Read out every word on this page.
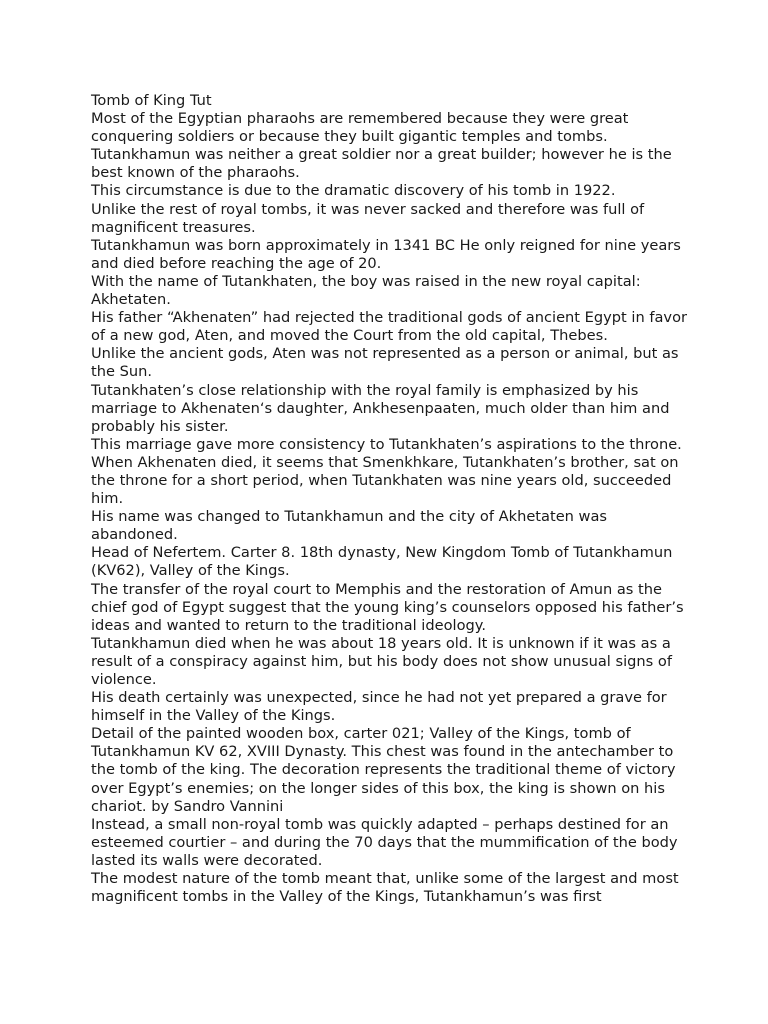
Tomb of King Tut

Most of the Egyptian pharaohs are remembered because they were great conquering soldiers or because they built gigantic temples and tombs.

Tutankhamun was neither a great soldier nor a great builder; however he is the best known of the pharaohs.

This circumstance is due to the dramatic discovery of his tomb in 1922.

Unlike the rest of royal tombs, it was never sacked and therefore was full of magnificent treasures.

Tutankhamun was born approximately in 1341 BC He only reigned for nine years and died before reaching the age of 20.

With the name of Tutankhaten, the boy was raised in the new royal capital: Akhetaten.

His father “Akhenaten” had rejected the traditional gods of ancient Egypt in favor of a new god, Aten, and moved the Court from the old capital, Thebes.

Unlike the ancient gods, Aten was not represented as a person or animal, but as the Sun.

Tutankhaten’s close relationship with the royal family is emphasized by his marriage to Akhenaten‘s daughter, Ankhesenpaaten, much older than him and probably his sister.

This marriage gave more consistency to Tutankhaten’s aspirations to the throne.

When Akhenaten died, it seems that Smenkhkare, Tutankhaten’s brother, sat on the throne for a short period, when Tutankhaten was nine years old, succeeded him.

His name was changed to Tutankhamun and the city of Akhetaten was abandoned.

Head of Nefertem. Carter 8. 18th dynasty, New Kingdom Tomb of Tutankhamun (KV62), Valley of the Kings.

The transfer of the royal court to Memphis and the restoration of Amun as the chief god of Egypt suggest that the young king’s counselors opposed his father’s ideas and wanted to return to the traditional ideology.

Tutankhamun died when he was about 18 years old. It is unknown if it was as a result of a conspiracy against him, but his body does not show unusual signs of violence.

His death certainly was unexpected, since he had not yet prepared a grave for himself in the Valley of the Kings.

Detail of the painted wooden box, carter 021; Valley of the Kings, tomb of Tutankhamun KV 62, XVIII Dynasty. This chest was found in the antechamber to the tomb of the king. The decoration represents the traditional theme of victory over Egypt’s enemies; on the longer sides of this box, the king is shown on his chariot. by Sandro Vannini

Instead, a small non-royal tomb was quickly adapted – perhaps destined for an esteemed courtier – and during the 70 days that the mummification of the body lasted its walls were decorated.

The modest nature of the tomb meant that, unlike some of the largest and most magnificent tombs in the Valley of the Kings, Tutankhamun’s was first
